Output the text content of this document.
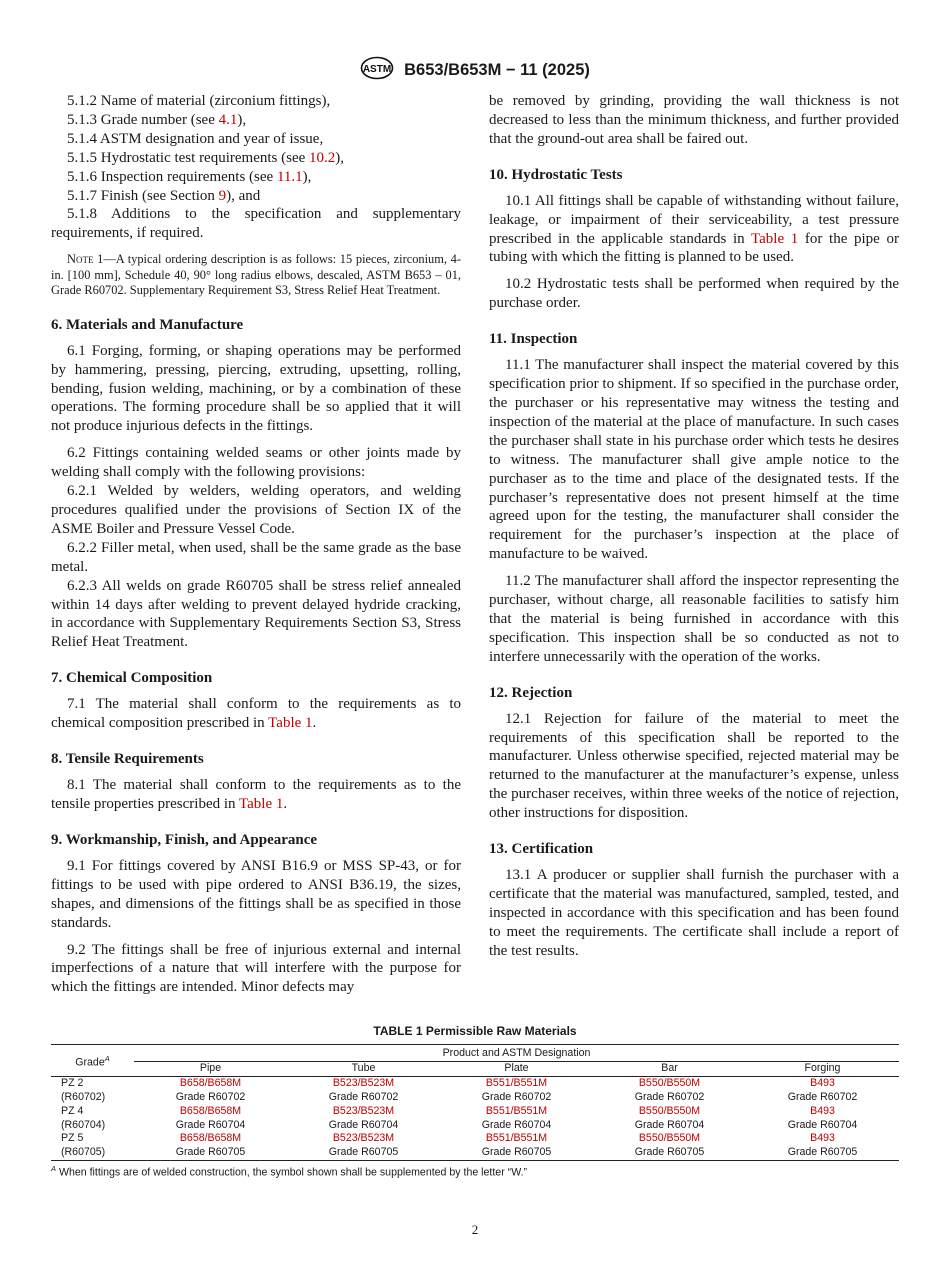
ASTM B653/B653M − 11 (2025)

5.1.2 Name of material (zirconium fittings),

5.1.3 Grade number (see 4.1),

5.1.4 ASTM designation and year of issue,

5.1.5 Hydrostatic test requirements (see 10.2),

5.1.6 Inspection requirements (see 11.1),

5.1.7 Finish (see Section 9), and

5.1.8 Additions to the specification and supplementary requirements, if required.

Note 1—A typical ordering description is as follows: 15 pieces, zirconium, 4-in. [100 mm], Schedule 40, 90° long radius elbows, descaled, ASTM B653 – 01, Grade R60702. Supplementary Requirement S3, Stress Relief Heat Treatment.

6. Materials and Manufacture

6.1 Forging, forming, or shaping operations may be performed by hammering, pressing, piercing, extruding, upsetting, rolling, bending, fusion welding, machining, or by a combination of these operations. The forming procedure shall be so applied that it will not produce injurious defects in the fittings.

6.2 Fittings containing welded seams or other joints made by welding shall comply with the following provisions:

6.2.1 Welded by welders, welding operators, and welding procedures qualified under the provisions of Section IX of the ASME Boiler and Pressure Vessel Code.

6.2.2 Filler metal, when used, shall be the same grade as the base metal.

6.2.3 All welds on grade R60705 shall be stress relief annealed within 14 days after welding to prevent delayed hydride cracking, in accordance with Supplementary Requirements Section S3, Stress Relief Heat Treatment.

7. Chemical Composition

7.1 The material shall conform to the requirements as to chemical composition prescribed in Table 1.

8. Tensile Requirements

8.1 The material shall conform to the requirements as to the tensile properties prescribed in Table 1.

9. Workmanship, Finish, and Appearance

9.1 For fittings covered by ANSI B16.9 or MSS SP-43, or for fittings to be used with pipe ordered to ANSI B36.19, the sizes, shapes, and dimensions of the fittings shall be as specified in those standards.

9.2 The fittings shall be free of injurious external and internal imperfections of a nature that will interfere with the purpose for which the fittings are intended. Minor defects may

be removed by grinding, providing the wall thickness is not decreased to less than the minimum thickness, and further provided that the ground-out area shall be faired out.

10. Hydrostatic Tests

10.1 All fittings shall be capable of withstanding without failure, leakage, or impairment of their serviceability, a test pressure prescribed in the applicable standards in Table 1 for the pipe or tubing with which the fitting is planned to be used.

10.2 Hydrostatic tests shall be performed when required by the purchase order.

11. Inspection

11.1 The manufacturer shall inspect the material covered by this specification prior to shipment. If so specified in the purchase order, the purchaser or his representative may witness the testing and inspection of the material at the place of manufacture. In such cases the purchaser shall state in his purchase order which tests he desires to witness. The manufacturer shall give ample notice to the purchaser as to the time and place of the designated tests. If the purchaser’s representative does not present himself at the time agreed upon for the testing, the manufacturer shall consider the requirement for the purchaser’s inspection at the place of manufacture to be waived.

11.2 The manufacturer shall afford the inspector representing the purchaser, without charge, all reasonable facilities to satisfy him that the material is being furnished in accordance with this specification. This inspection shall be so conducted as not to interfere unnecessarily with the operation of the works.

12. Rejection

12.1 Rejection for failure of the material to meet the requirements of this specification shall be reported to the manufacturer. Unless otherwise specified, rejected material may be returned to the manufacturer at the manufacturer’s expense, unless the purchaser receives, within three weeks of the notice of rejection, other instructions for disposition.

13. Certification

13.1 A producer or supplier shall furnish the purchaser with a certificate that the material was manufactured, sampled, tested, and inspected in accordance with this specification and has been found to meet the requirements. The certificate shall include a report of the test results.

TABLE 1 Permissible Raw Materials
Grade$^A$	Product and ASTM Designation				
	Pipe	Tube	Plate	Bar	Forging
PZ 2	B658/B658M	B523/B523M	B551/B551M	B550/B550M	B493
(R60702)	Grade R60702	Grade R60702	Grade R60702	Grade R60702	Grade R60702
PZ 4	B658/B658M	B523/B523M	B551/B551M	B550/B550M	B493
(R60704)	Grade R60704	Grade R60704	Grade R60704	Grade R60704	Grade R60704
PZ 5	B658/B658M	B523/B523M	B551/B551M	B550/B550M	B493
(R60705)	Grade R60705	Grade R60705	Grade R60705	Grade R60705	Grade R60705
$^A$ When fittings are of welded construction, the symbol shown shall be supplemented by the letter “W.”
2
